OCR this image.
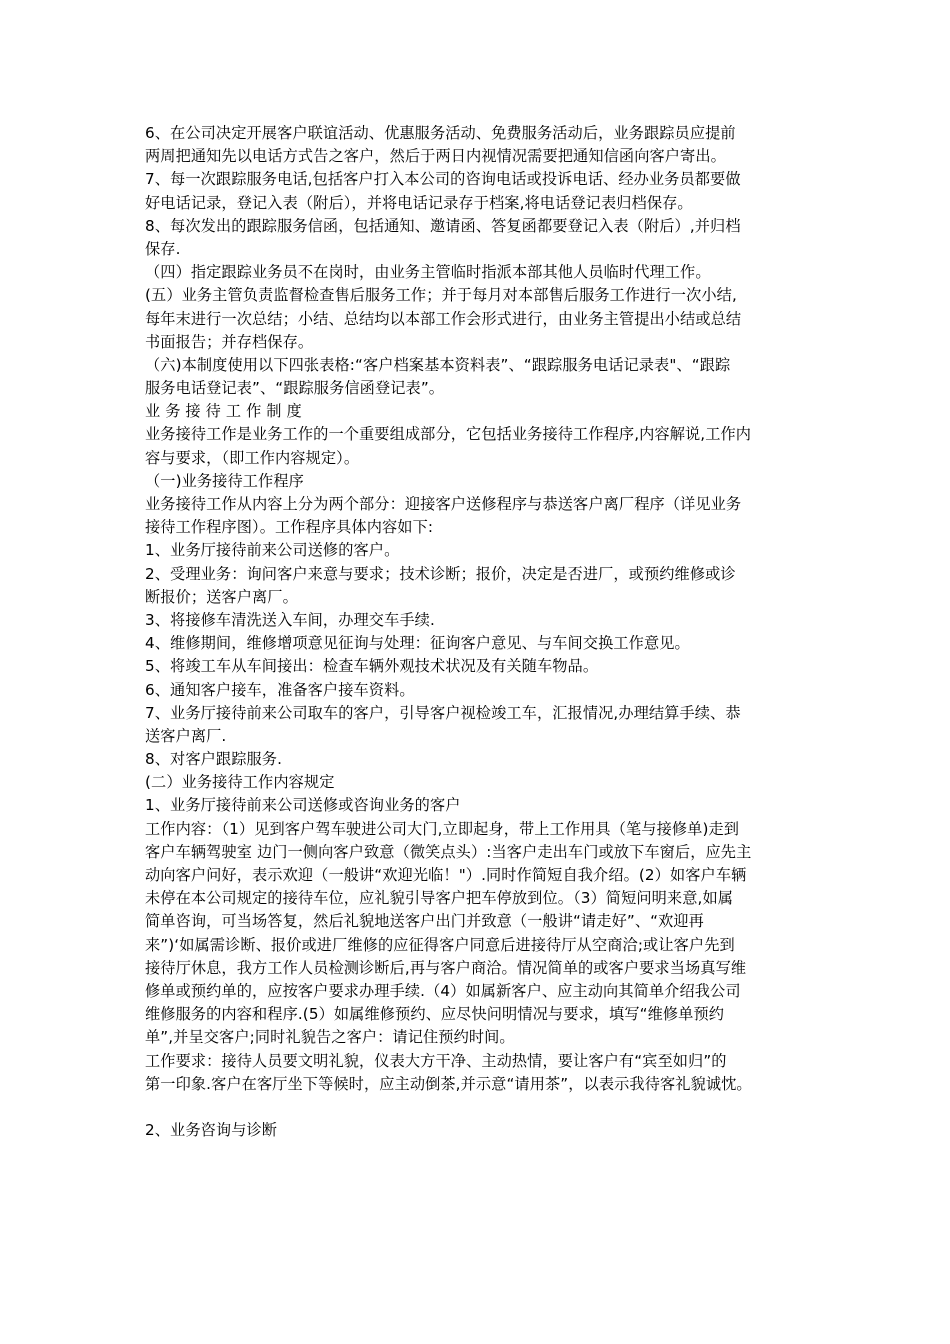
6、在公司决定开展客户联谊活动、优惠服务活动、免费服务活动后，业务跟踪员应提前
两周把通知先以电话方式告之客户，然后于两日内视情况需要把通知信函向客户寄出。
7、每一次跟踪服务电话,包括客户打入本公司的咨询电话或投诉电话、经办业务员都要做
好电话记录，登记入表（附后），并将电话记录存于档案,将电话登记表归档保存。
8、每次发出的跟踪服务信函，包括通知、邀请函、答复函都要登记入表（附后）,并归档
保存.
（四）指定跟踪业务员不在岗时，由业务主管临时指派本部其他人员临时代理工作。
(五）业务主管负责监督检查售后服务工作；并于每月对本部售后服务工作进行一次小结,
每年末进行一次总结；小结、总结均以本部工作会形式进行，由业务主管提出小结或总结
书面报告；并存档保存。
（六)本制度使用以下四张表格:“客户档案基本资料表”、“跟踪服务电话记录表"、“跟踪
服务电话登记表”、“跟踪服务信函登记表”。
业 务 接 待 工 作 制 度
业务接待工作是业务工作的一个重要组成部分，它包括业务接待工作程序,内容解说,工作内
容与要求，（即工作内容规定）。
（一)业务接待工作程序
业务接待工作从内容上分为两个部分：迎接客户送修程序与恭送客户离厂程序（详见业务
接待工作程序图）。工作程序具体内容如下:
1、业务厅接待前来公司送修的客户。
2、受理业务：询问客户来意与要求；技术诊断；报价，决定是否进厂，或预约维修或诊
断报价；送客户离厂。
3、将接修车清洗送入车间，办理交车手续.
4、维修期间，维修增项意见征询与处理：征询客户意见、与车间交换工作意见。
5、将竣工车从车间接出：检查车辆外观技术状况及有关随车物品。
6、通知客户接车，准备客户接车资料。
7、业务厅接待前来公司取车的客户，引导客户视检竣工车，汇报情况,办理结算手续、恭
送客户离厂.
8、对客户跟踪服务.
(二）业务接待工作内容规定
1、业务厅接待前来公司送修或咨询业务的客户
工作内容：（1）见到客户驾车驶进公司大门,立即起身，带上工作用具（笔与接修单)走到
客户车辆驾驶室 边门一侧向客户致意（微笑点头）:当客户走出车门或放下车窗后，应先主
动向客户问好，表示欢迎（一般讲“欢迎光临！"）.同时作简短自我介绍。(2）如客户车辆
未停在本公司规定的接待车位，应礼貌引导客户把车停放到位。（3）简短问明来意,如属
简单咨询，可当场答复，然后礼貌地送客户出门并致意（一般讲“请走好”、“欢迎再
来”)‘如属需诊断、报价或进厂维修的应征得客户同意后进接待厅从空商洽;或让客户先到
接待厅休息，我方工作人员检测诊断后,再与客户商洽。情况简单的或客户要求当场真写维
修单或预约单的，应按客户要求办理手续.（4）如属新客户、应主动向其简单介绍我公司
维修服务的内容和程序.(5）如属维修预约、应尽快问明情况与要求，填写“维修单预约
单”,并呈交客户;同时礼貌告之客户：请记住预约时间。
工作要求：接待人员要文明礼貌，仪表大方干净、主动热情，要让客户有“宾至如归”的
第一印象.客户在客厅坐下等候时，应主动倒茶,并示意“请用茶”，以表示我待客礼貌诚忱。
2、业务咨询与诊断
